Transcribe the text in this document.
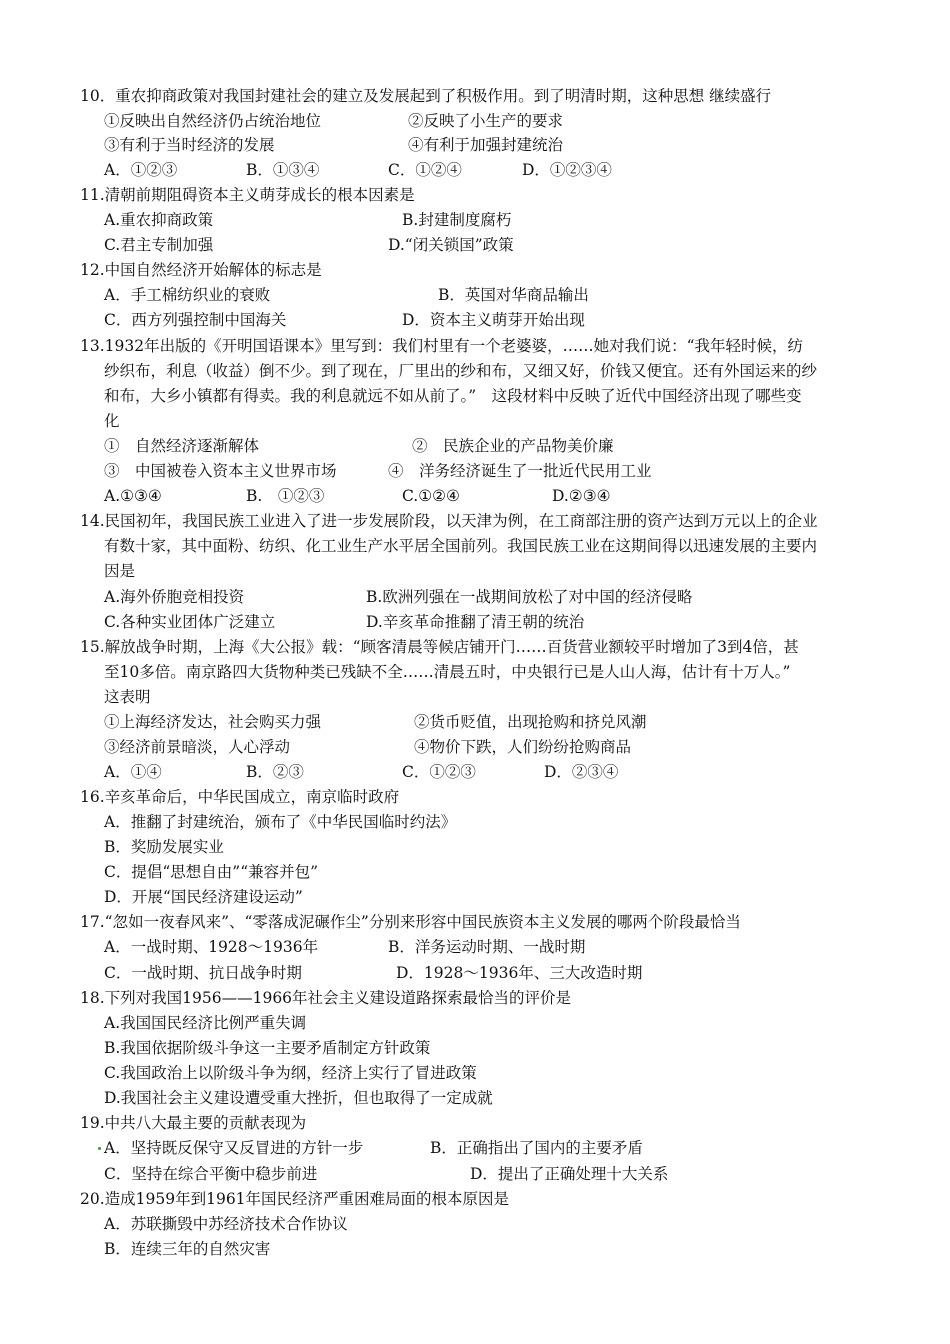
10．重农抑商政策对我国封建社会的建立及发展起到了积极作用。到了明清时期，这种思想 继续盛行
①反映出自然经济仍占统治地位	②反映了小生产的要求
③有利于当时经济的发展	④有利于加强封建统治
A．①②③	B．①③④	C．①②④	D．①②③④
11.清朝前期阻碍资本主义萌芽成长的根本因素是
A.重农抑商政策	B.封建制度腐朽
C.君主专制加强	D.“闭关锁国”政策
12.中国自然经济开始解体的标志是
A．手工棉纺织业的衰败	B．英国对华商品输出
C．西方列强控制中国海关	D．资本主义萌芽开始出现
13.1932年出版的《开明国语课本》里写到：我们村里有一个老婆婆，……她对我们说：“我年轻时候，纺
纱织布，利息（收益）倒不少。到了现在，厂里出的纱和布，又细又好，价钱又便宜。还有外国运来的纱
和布，大乡小镇都有得卖。我的利息就远不如从前了。”　这段材料中反映了近代中国经济出现了哪些变
化
①　自然经济逐渐解体	②　民族企业的产品物美价廉
③　中国被卷入资本主义世界市场	④　洋务经济诞生了一批近代民用工业
A.①③④	B.　①②③	C.①②④	D.②③④
14.民国初年，我国民族工业进入了进一步发展阶段，以天津为例，在工商部注册的资产达到万元以上的企业
有数十家，其中面粉、纺织、化工业生产水平居全国前列。我国民族工业在这期间得以迅速发展的主要内
因是
A.海外侨胞竞相投资	B.欧洲列强在一战期间放松了对中国的经济侵略
C.各种实业团体广泛建立	D.辛亥革命推翻了清王朝的统治
15.解放战争时期，上海《大公报》载：“顾客清晨等候店铺开门……百货营业额较平时增加了3到4倍，甚
至10多倍。南京路四大货物种类已残缺不全……清晨五时，中央银行已是人山人海，估计有十万人。”
这表明
①上海经济发达，社会购买力强	②货币贬值，出现抢购和挤兑风潮
③经济前景暗淡，人心浮动	④物价下跌，人们纷纷抢购商品
A．①④	B．②③	C．①②③	D．②③④
16.辛亥革命后，中华民国成立，南京临时政府
A．推翻了封建统治，颁布了《中华民国临时约法》
B．奖励发展实业
C．提倡“思想自由”“兼容并包”
D．开展“国民经济建设运动”
17.“忽如一夜春风来”、“零落成泥碾作尘”分别来形容中国民族资本主义发展的哪两个阶段最恰当
A．一战时期、1928～1936年	B．洋务运动时期、一战时期
C．一战时期、抗日战争时期	D．1928～1936年、三大改造时期
18.下列对我国1956——1966年社会主义建设道路探索最恰当的评价是
A.我国国民经济比例严重失调
B.我国依据阶级斗争这一主要矛盾制定方针政策
C.我国政治上以阶级斗争为纲，经济上实行了冒进政策
D.我国社会主义建设遭受重大挫折，但也取得了一定成就
19.中共八大最主要的贡献表现为
A．坚持既反保守又反冒进的方针一步	B．正确指出了国内的主要矛盾
C．坚持在综合平衡中稳步前进	D．提出了正确处理十大关系
20.造成1959年到1961年国民经济严重困难局面的根本原因是
A．苏联撕毁中苏经济技术合作协议
B．连续三年的自然灾害
